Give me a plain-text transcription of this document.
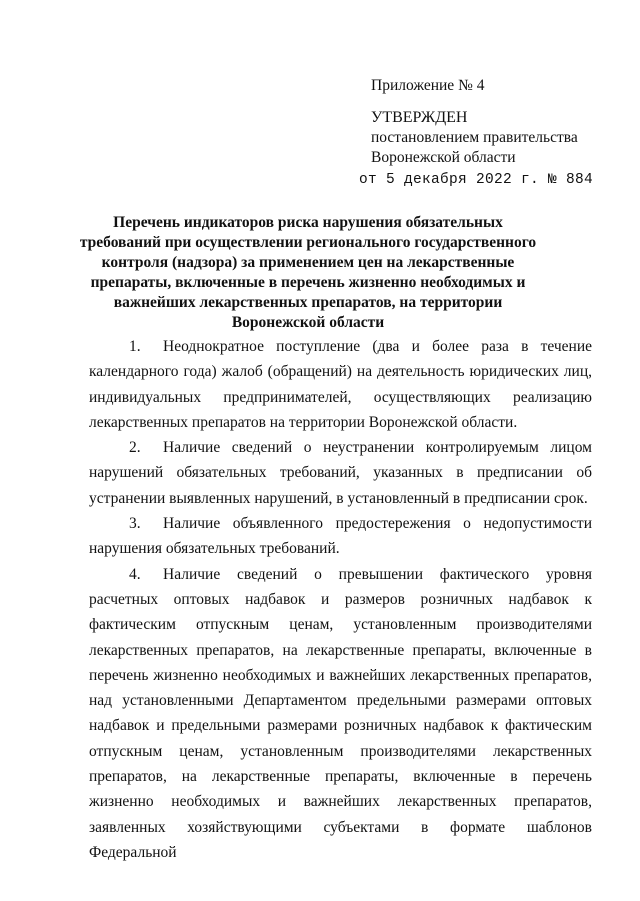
Приложение № 4
УТВЕРЖДЕН
постановлением правительства
Воронежской области
от 5 декабря 2022 г. № 884
Перечень индикаторов риска нарушения обязательных требований при осуществлении регионального государственного контроля (надзора) за применением цен на лекарственные препараты, включенные в перечень жизненно необходимых и важнейших лекарственных препаратов, на территории Воронежской области

1. Неоднократное поступление (два и более раза в течение календарного года) жалоб (обращений) на деятельность юридических лиц, индивидуальных предпринимателей, осуществляющих реализацию лекарственных препаратов на территории Воронежской области.

2. Наличие сведений о неустранении контролируемым лицом нарушений обязательных требований, указанных в предписании об устранении выявленных нарушений, в установленный в предписании срок.

3. Наличие объявленного предостережения о недопустимости нарушения обязательных требований.

4. Наличие сведений о превышении фактического уровня расчетных оптовых надбавок и размеров розничных надбавок к фактическим отпускным ценам, установленным производителями лекарственных препаратов, на лекарственные препараты, включенные в перечень жизненно необходимых и важнейших лекарственных препаратов, над установленными Департаментом предельными размерами оптовых надбавок и предельными размерами розничных надбавок к фактическим отпускным ценам, установленным производителями лекарственных препаратов, на лекарственные препараты, включенные в перечень жизненно необходимых и важнейших лекарственных препаратов, заявленных хозяйствующими субъектами в формате шаблонов Федеральной
